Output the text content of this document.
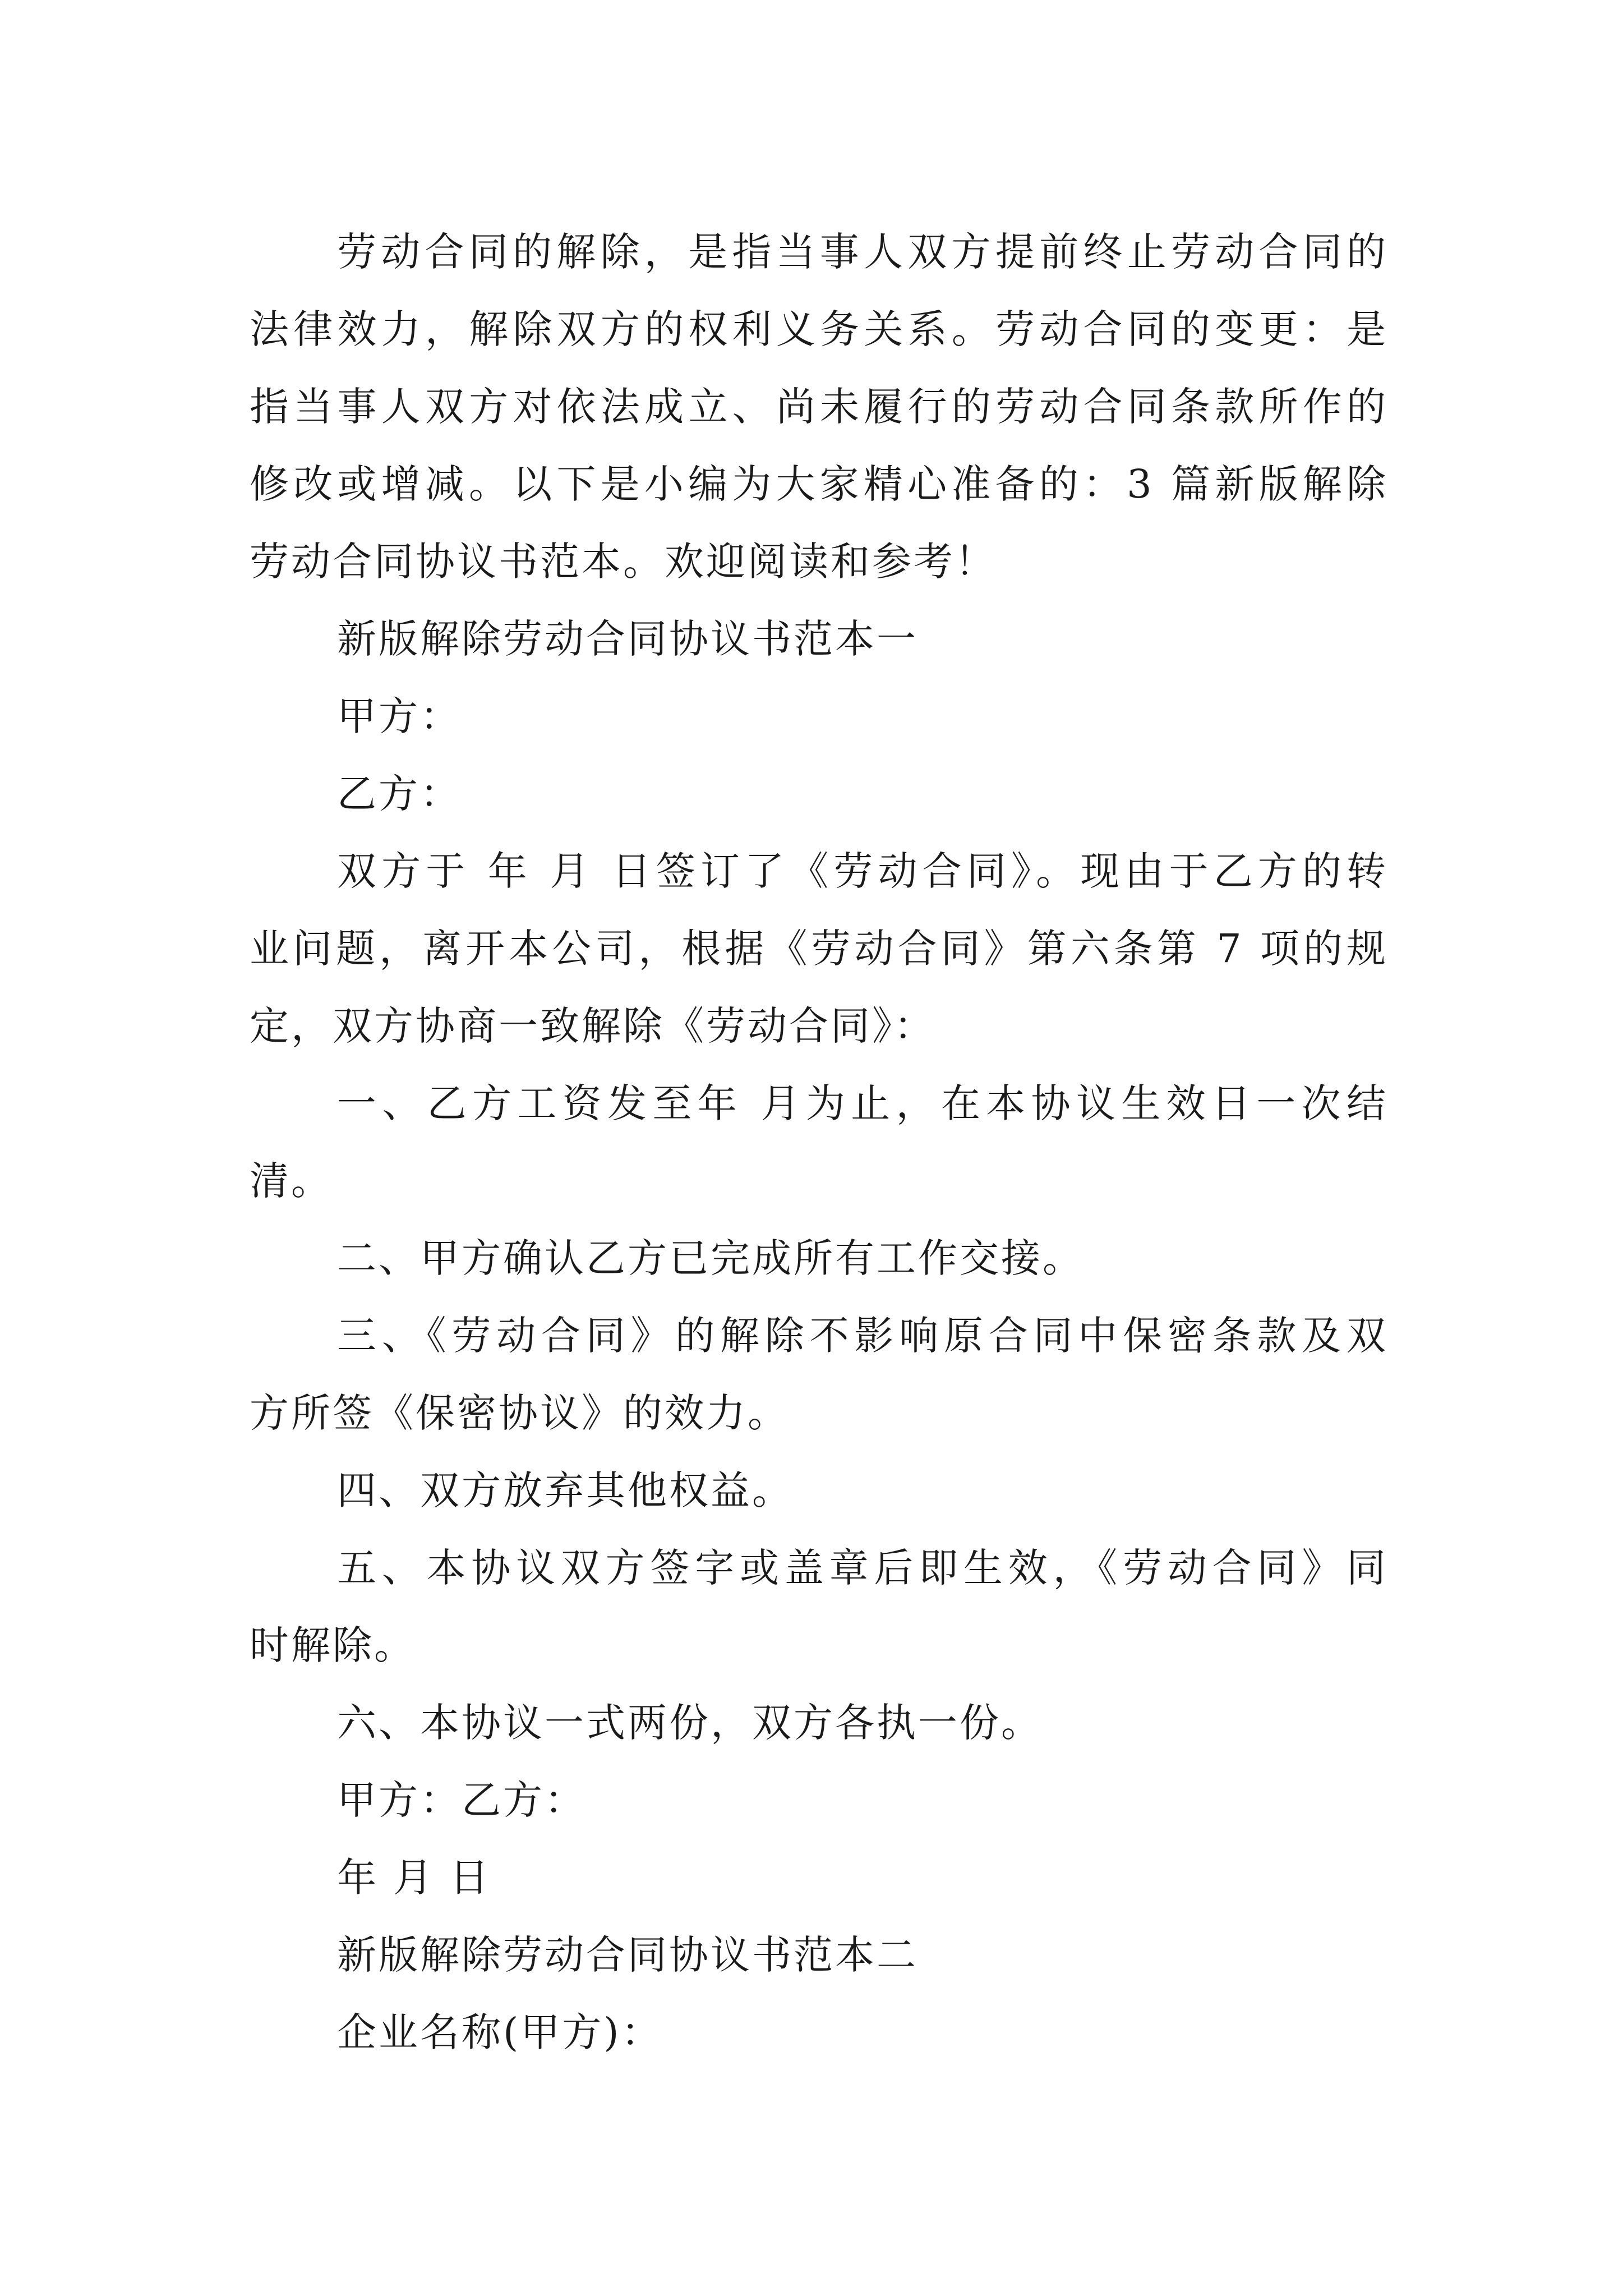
劳动合同的解除，是指当事人双方提前终止劳动合同的
法律效力，解除双方的权利义务关系。劳动合同的变更：是
指当事人双方对依法成立、尚未履行的劳动合同条款所作的
修改或增减。以下是小编为大家精心准备的：3 篇新版解除
劳动合同协议书范本。欢迎阅读和参考！
新版解除劳动合同协议书范本一
甲方：
乙方：
双方于 年 月 日签订了《劳动合同》。现由于乙方的转
业问题，离开本公司，根据《劳动合同》第六条第 7 项的规
定，双方协商一致解除《劳动合同》：
一、乙方工资发至年 月为止，在本协议生效日一次结
清。
二、甲方确认乙方已完成所有工作交接。
三、《劳动合同》的解除不影响原合同中保密条款及双
方所签《保密协议》的效力。
四、双方放弃其他权益。
五、本协议双方签字或盖章后即生效，《劳动合同》同
时解除。
六、本协议一式两份，双方各执一份。
甲方：乙方：
年 月 日
新版解除劳动合同协议书范本二
企业名称(甲方)：
